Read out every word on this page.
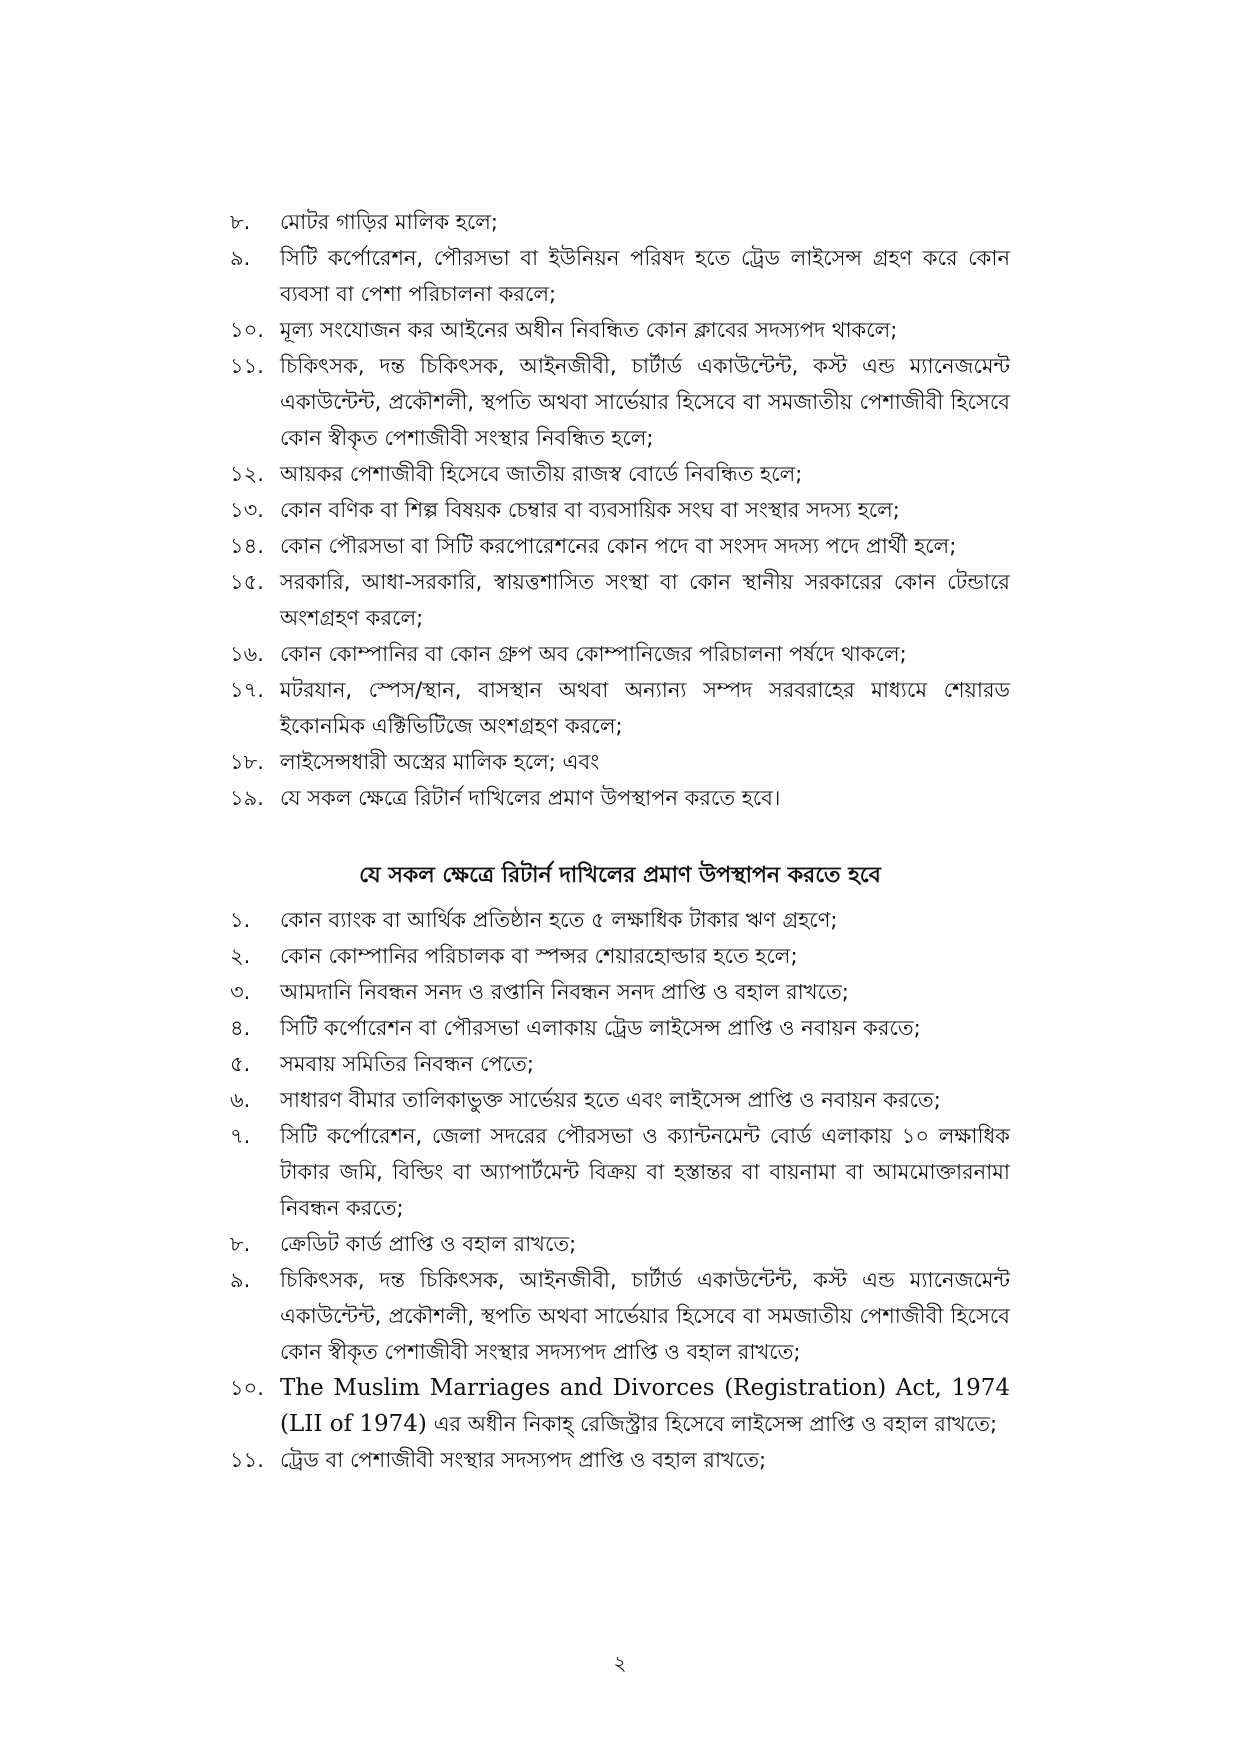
৮.	মোটর গাড়ির মালিক হলে;
৯.	সিটি কর্পোরেশন, পৌরসভা বা ইউনিয়ন পরিষদ হতে ট্রেড লাইসেন্স গ্রহণ করে কোন ব্যবসা বা পেশা পরিচালনা করলে;
১০. মূল্য সংযোজন কর আইনের অধীন নিবন্ধিত কোন ক্লাবের সদস্যপদ থাকলে;
১১. চিকিৎসক, দন্ত চিকিৎসক, আইনজীবী, চার্টার্ড একাউন্টেন্ট, কস্ট এন্ড ম্যানেজমেন্ট একাউন্টেন্ট, প্রকৌশলী, স্থপতি অথবা সার্ভেয়ার হিসেবে বা সমজাতীয় পেশাজীবী হিসেবে কোন স্বীকৃত পেশাজীবী সংস্থার নিবন্ধিত হলে;
১২. আয়কর পেশাজীবী হিসেবে জাতীয় রাজস্ব বোর্ডে নিবন্ধিত হলে;
১৩. কোন বণিক বা শিল্প বিষয়ক চেম্বার বা ব্যবসায়িক সংঘ বা সংস্থার সদস্য হলে;
১৪. কোন পৌরসভা বা সিটি করপোরেশনের কোন পদে বা সংসদ সদস্য পদে প্রার্থী হলে;
১৫. সরকারি, আধা-সরকারি, স্বায়ত্তশাসিত সংস্থা বা কোন স্থানীয় সরকারের কোন টেন্ডারে অংশগ্রহণ করলে;
১৬. কোন কোম্পানির বা কোন গ্রুপ অব কোম্পানিজের পরিচালনা পর্ষদে থাকলে;
১৭. মটরযান, স্পেস/স্থান, বাসস্থান অথবা অন্যান্য সম্পদ সরবরাহের মাধ্যমে শেয়ারড ইকোনমিক এক্টিভিটিজে অংশগ্রহণ করলে;
১৮. লাইসেন্সধারী অস্ত্রের মালিক হলে; এবং
১৯. যে সকল ক্ষেত্রে রিটার্ন দাখিলের প্রমাণ উপস্থাপন করতে হবে।
যে সকল ক্ষেত্রে রিটার্ন দাখিলের প্রমাণ উপস্থাপন করতে হবে
১.	কোন ব্যাংক বা আর্থিক প্রতিষ্ঠান হতে ৫ লক্ষাধিক টাকার ঋণ গ্রহণে;
২.	কোন কোম্পানির পরিচালক বা স্পন্সর শেয়ারহোল্ডার হতে হলে;
৩.	আমদানি নিবন্ধন সনদ ও রপ্তানি নিবন্ধন সনদ প্রাপ্তি ও বহাল রাখতে;
৪.	সিটি কর্পোরেশন বা পৌরসভা এলাকায় ট্রেড লাইসেন্স প্রাপ্তি ও নবায়ন করতে;
৫.	সমবায় সমিতির নিবন্ধন পেতে;
৬.	সাধারণ বীমার তালিকাভুক্ত সার্ভেয়র হতে এবং লাইসেন্স প্রাপ্তি ও নবায়ন করতে;
৭.	সিটি কর্পোরেশন, জেলা সদরের পৌরসভা ও ক্যান্টনমেন্ট বোর্ড এলাকায় ১০ লক্ষাধিক টাকার জমি, বিল্ডিং বা অ্যাপার্টমেন্ট বিক্রয় বা হস্তান্তর বা বায়নামা বা আমমোক্তারনামা নিবন্ধন করতে;
৮.	ক্রেডিট কার্ড প্রাপ্তি ও বহাল রাখতে;
৯.	চিকিৎসক, দন্ত চিকিৎসক, আইনজীবী, চার্টার্ড একাউন্টেন্ট, কস্ট এন্ড ম্যানেজমেন্ট একাউন্টেন্ট, প্রকৌশলী, স্থপতি অথবা সার্ভেয়ার হিসেবে বা সমজাতীয় পেশাজীবী হিসেবে কোন স্বীকৃত পেশাজীবী সংস্থার সদস্যপদ প্রাপ্তি ও বহাল রাখতে;
১০. The Muslim Marriages and Divorces (Registration) Act, 1974 (LII of 1974) এর অধীন নিকাহ্ রেজিস্ট্রার হিসেবে লাইসেন্স প্রাপ্তি ও বহাল রাখতে;
১১. ট্রেড বা পেশাজীবী সংস্থার সদস্যপদ প্রাপ্তি ও বহাল রাখতে;
২
